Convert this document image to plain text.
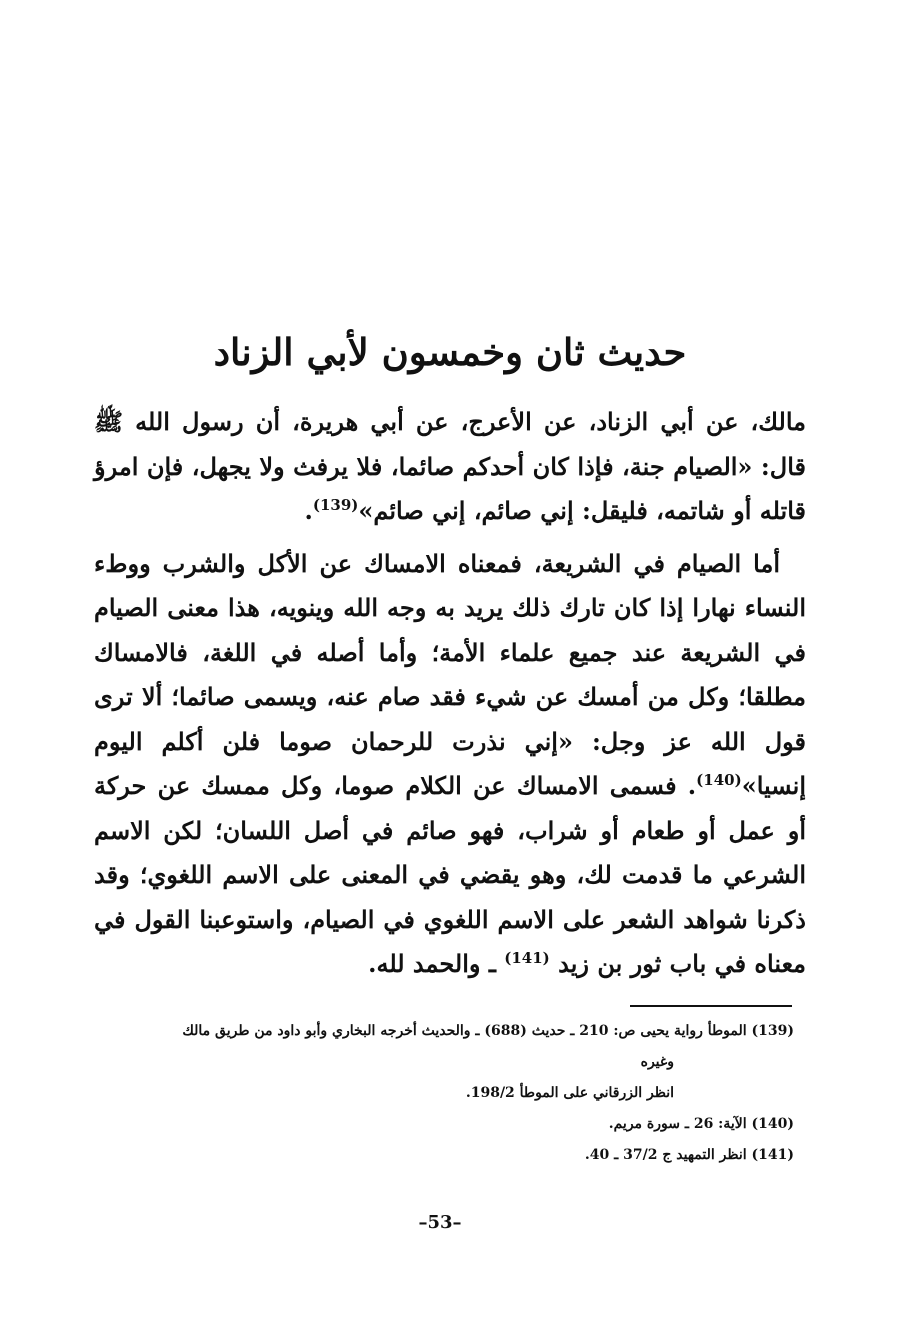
حديث ثان وخمسون لأبي الزناد

مالك، عن أبي الزناد، عن الأعرج، عن أبي هريرة، أن رسول الله ﷺ قال: «الصيام جنة، فإذا كان أحدكم صائما، فلا يرفث ولا يجهل، فإن امرؤ قاتله أو شاتمه، فليقل: إني صائم، إني صائم»$^{(139)}$.

أما الصيام في الشريعة، فمعناه الامساك عن الأكل والشرب ووطء النساء نهارا إذا كان تارك ذلك يريد به وجه الله وينويه، هذا معنى الصيام في الشريعة عند جميع علماء الأمة؛ وأما أصله في اللغة، فالامساك مطلقا؛ وكل من أمسك عن شيء فقد صام عنه، ويسمى صائما؛ ألا ترى قول الله عز وجل: «إني نذرت للرحمان صوما فلن أكلم اليوم إنسيا»$^{(140)}$. فسمى الامساك عن الكلام صوما، وكل ممسك عن حركة أو عمل أو طعام أو شراب، فهو صائم في أصل اللسان؛ لكن الاسم الشرعي ما قدمت لك، وهو يقضي في المعنى على الاسم اللغوي؛ وقد ذكرنا شواهد الشعر على الاسم اللغوي في الصيام، واستوعبنا القول في معناه في باب ثور بن زيد $^{(141)}$ ـ والحمد لله.

(139) الموطأ رواية يحيى ص: 210 ـ حديث (688) ـ والحديث أخرجه البخاري وأبو داود من طريق مالك
وغيره
انظر الزرقاني على الموطأ 198/2.
(140) الآية: 26 ـ سورة مريم.
(141) انظر التمهيد ج 37/2 ـ 40.
–53–
